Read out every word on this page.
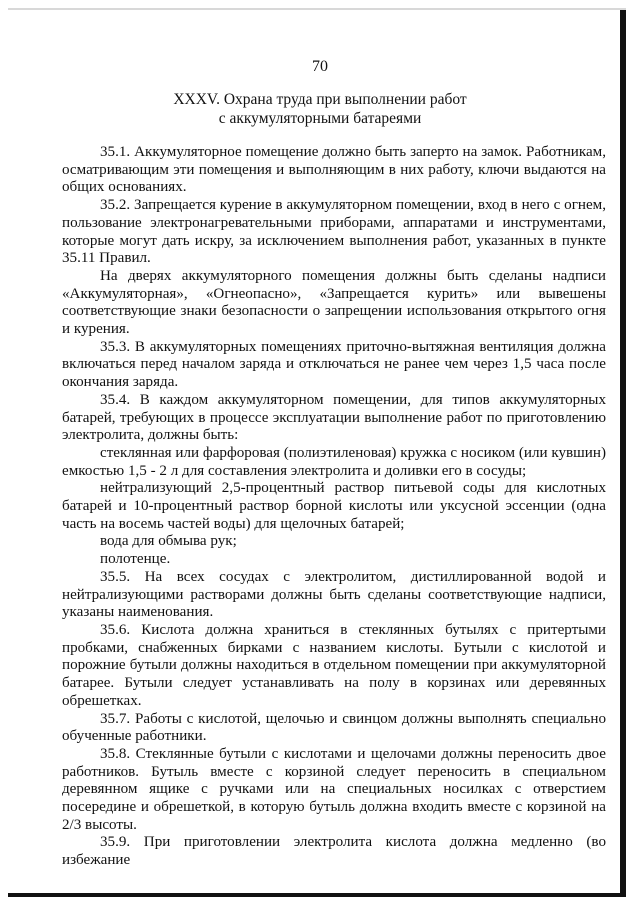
70
XXXV. Охрана труда при выполнении работ
с аккумуляторными батареями

35.1. Аккумуляторное помещение должно быть заперто на замок. Работникам, осматривающим эти помещения и выполняющим в них работу, ключи выдаются на общих основаниях.

35.2. Запрещается курение в аккумуляторном помещении, вход в него с огнем, пользование электронагревательными приборами, аппаратами и инструментами, которые могут дать искру, за исключением выполнения работ, указанных в пункте 35.11 Правил.

На дверях аккумуляторного помещения должны быть сделаны надписи «Аккумуляторная», «Огнеопасно», «Запрещается курить» или вывешены соответствующие знаки безопасности о запрещении использования открытого огня и курения.

35.3. В аккумуляторных помещениях приточно-вытяжная вентиляция должна включаться перед началом заряда и отключаться не ранее чем через 1,5 часа после окончания заряда.

35.4. В каждом аккумуляторном помещении, для типов аккумуляторных батарей, требующих в процессе эксплуатации выполнение работ по приготовлению электролита, должны быть:

стеклянная или фарфоровая (полиэтиленовая) кружка с носиком (или кувшин) емкостью 1,5 - 2 л для составления электролита и доливки его в сосуды;

нейтрализующий 2,5-процентный раствор питьевой соды для кислотных батарей и 10-процентный раствор борной кислоты или уксусной эссенции (одна часть на восемь частей воды) для щелочных батарей;

вода для обмыва рук;

полотенце.

35.5. На всех сосудах с электролитом, дистиллированной водой и нейтрализующими растворами должны быть сделаны соответствующие надписи, указаны наименования.

35.6. Кислота должна храниться в стеклянных бутылях с притертыми пробками, снабженных бирками с названием кислоты. Бутыли с кислотой и порожние бутыли должны находиться в отдельном помещении при аккумуляторной батарее. Бутыли следует устанавливать на полу в корзинах или деревянных обрешетках.

35.7. Работы с кислотой, щелочью и свинцом должны выполнять специально обученные работники.

35.8. Стеклянные бутыли с кислотами и щелочами должны переносить двое работников. Бутыль вместе с корзиной следует переносить в специальном деревянном ящике с ручками или на специальных носилках с отверстием посередине и обрешеткой, в которую бутыль должна входить вместе с корзиной на 2/3 высоты.

35.9. При приготовлении электролита кислота должна медленно (во избежание
